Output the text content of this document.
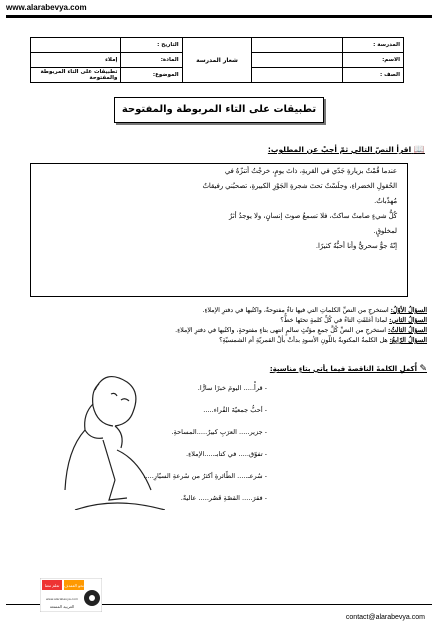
www.alarabevya.com
المدرسة :		شعار المدرسة	التاريخ :	
الاسم:			المادة:	إملاء
الصف :			الموضوع:	تطبيقات على التاء المربوطة والمفتوحة
تطبيقات على التاء المربوطة والمفتوحة
📖 اقرأ النصّ التالي ثمّ أجبْ عن المطلوب:

عندما قُمْتُ بزيارةِ جَدّي في القريةِ، ذاتَ يومٍ، خرجْتُ أتنزّهُ في

الحُقولِ الخضراءِ، وجلَسْتُ تحتَ شجرةِ الجَوْزِ الكبيرةِ، تصحبُني رفيقاتٌ

مُهذّباتٌ.

كُلُّ شيءٍ صامتٌ ساكتٌ، فلا تسمعُ صوتَ إنسانٍ، ولا يوجدُ أثرٌ

لمخلوقٍ.

إنّهُ جوٌّ سحريٌّ وأنا أحبُّهُ كثيرًا.

السؤالُ الأوّلُ: استخرجِ من النصِّ الكلماتِ التي فيها تاءٌ مفتوحةٌ، واكتُبها في دفترِ الإملاءِ.
السؤالُ الثاني: لماذا أغلقَتِ التاءُ في كُلِّ كلمةٍ تحتَها خطٌّ؟
السؤالُ الثالثُ: استخرجِ من النصِّ كُلَّ جمعِ مؤنّثٍ سالمٍ انتهى بتاءٍ مفتوحةٍ، واكتُبها في دفترِ الإملاءِ.
السؤالُ الرّابعُ: هل الكلمةُ المكتوبةُ باللّونِ الأسودِ بدأتْ بألْ القمريّةِ أم الشمسيّةِ؟
✎ أُكملِ الكلمةَ الناقصةَ فيما يأتي بتاءٍ مناسبةٍ:
- قرأْ..... اليومَ خبرًا سارًّا.
- أحبُّ جمعيّةَ القُراء.....
- جزير..... العرَبِ كبيرٌ.....المساحةِ.
- تفوّق..... في كتابـ.....الإملاءِ.
- سُرعـ..... الطّائرةِ أكثرُ من سُرعةِ السيّارِ.....
- فقرَ..... القصّةِ قَصُر..... عاليةٌ.
تعلم معنا نحو العمدف
www.alarabevya.com
العربية الممتعة
contact@alarabevya.com
